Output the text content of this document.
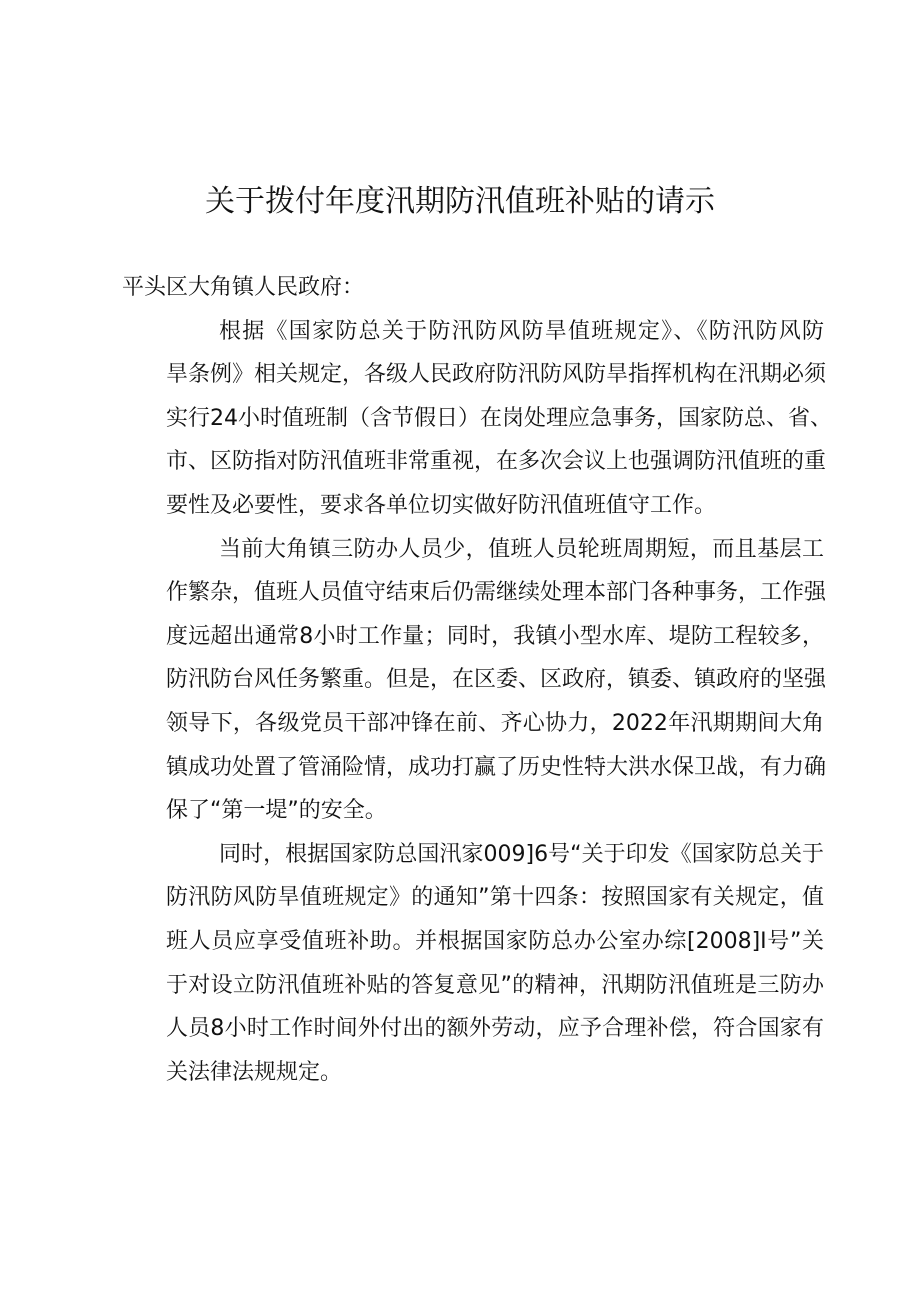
关于拨付年度汛期防汛值班补贴的请示

平头区大角镇人民政府：

根据《国家防总关于防汛防风防旱值班规定》、《防汛防风防
旱条例》相关规定，各级人民政府防汛防风防旱指挥机构在汛期必须
实行24小时值班制（含节假日）在岗处理应急事务，国家防总、省、
市、区防指对防汛值班非常重视，在多次会议上也强调防汛值班的重
要性及必要性，要求各单位切实做好防汛值班值守工作。
当前大角镇三防办人员少，值班人员轮班周期短，而且基层工
作繁杂，值班人员值守结束后仍需继续处理本部门各种事务，工作强
度远超出通常8小时工作量；同时，我镇小型水库、堤防工程较多，
防汛防台风任务繁重。但是，在区委、区政府，镇委、镇政府的坚强
领导下，各级党员干部冲锋在前、齐心协力，2022年汛期期间大角
镇成功处置了管涌险情，成功打赢了历史性特大洪水保卫战，有力确
保了“第一堤”的安全。
同时，根据国家防总国汛家009]6号“关于印发《国家防总关于
防汛防风防旱值班规定》的通知”第十四条：按照国家有关规定，值
班人员应享受值班补助。并根据国家防总办公室办综[2008]I号”关
于对设立防汛值班补贴的答复意见”的精神，汛期防汛值班是三防办
人员8小时工作时间外付出的额外劳动，应予合理补偿，符合国家有
关法律法规规定。
